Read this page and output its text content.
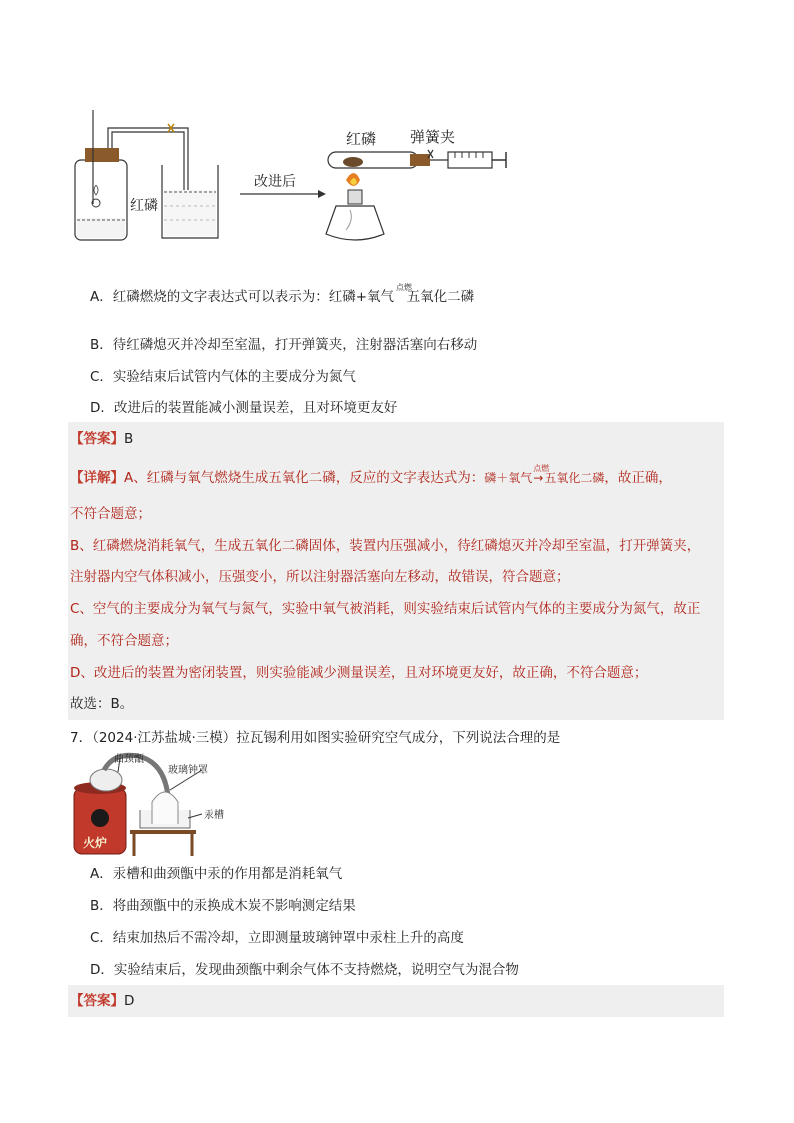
红磷
改进后
红磷 弹簧夹
A．红磷燃烧的文字表达式可以表示为：红磷+氧气
点燃
五氧化二磷
B．待红磷熄灭并冷却至室温，打开弹簧夹，注射器活塞向右移动
C．实验结束后试管内气体的主要成分为氮气
D．改进后的装置能减小测量误差，且对环境更友好
【答案】B
【详解】A、红磷与氧气燃烧生成五氧化二磷，反应的文字表达式为：磷＋氧气
点燃
→五氧化二磷，故正确，
不符合题意；
B、红磷燃烧消耗氧气，生成五氧化二磷固体，装置内压强减小，待红磷熄灭并冷却至室温，打开弹簧夹，
注射器内空气体积减小，压强变小，所以注射器活塞向左移动，故错误，符合题意；
C、空气的主要成分为氧气与氮气，实验中氧气被消耗，则实验结束后试管内气体的主要成分为氮气，故正
确，不符合题意；
D、改进后的装置为密闭装置，则实验能减少测量误差，且对环境更友好，故正确，不符合题意；
故选：B。
7．（2024·江苏盐城·三模）拉瓦锡利用如图实验研究空气成分，下列说法合理的是
曲颈甑
玻璃钟罩
汞槽
火炉
A．汞槽和曲颈甑中汞的作用都是消耗氧气
B．将曲颈甑中的汞换成木炭不影响测定结果
C．结束加热后不需冷却，立即测量玻璃钟罩中汞柱上升的高度
D．实验结束后，发现曲颈甑中剩余气体不支持燃烧，说明空气为混合物
【答案】D
